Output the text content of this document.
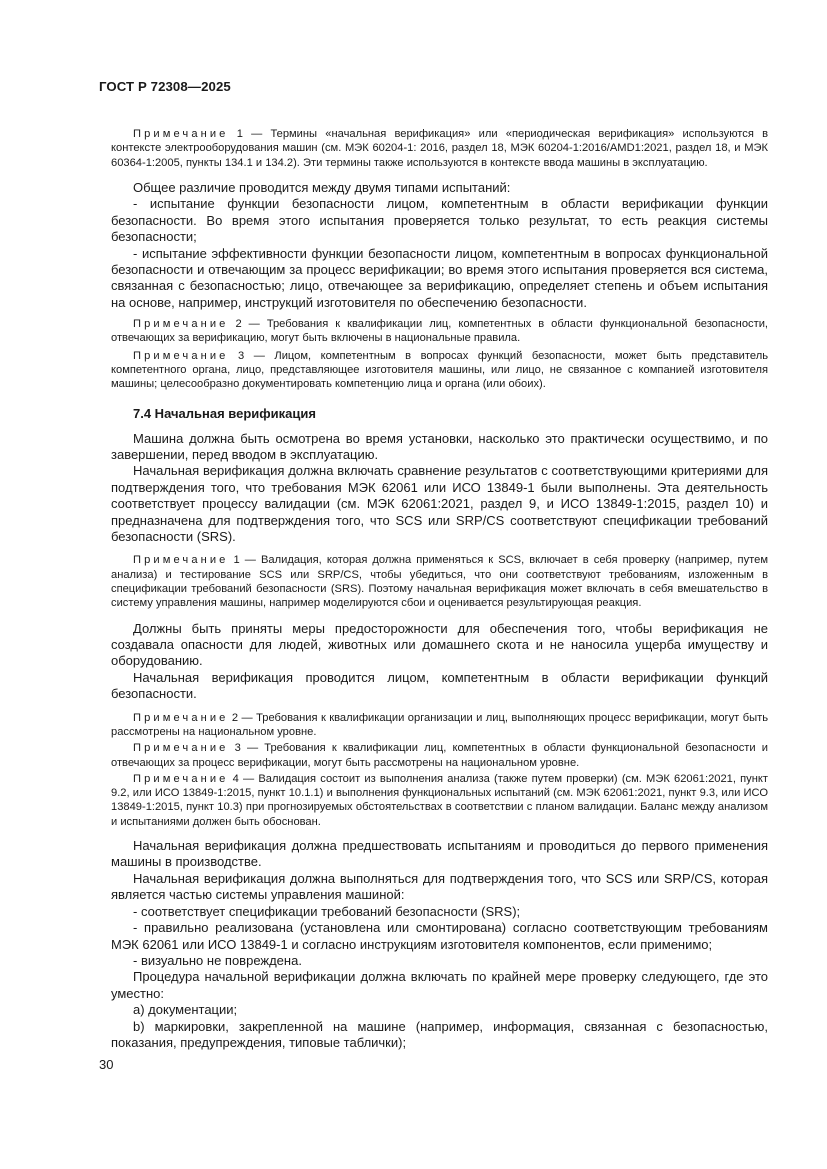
ГОСТ Р 72308—2025

Примечание 1 — Термины «начальная верификация» или «периодическая верификация» используются в контексте электрооборудования машин (см. МЭК 60204-1: 2016, раздел 18, МЭК 60204-1:2016/AMD1:2021, раздел 18, и МЭК 60364-1:2005, пункты 134.1 и 134.2). Эти термины также используются в контексте ввода машины в эксплуатацию.

Общее различие проводится между двумя типами испытаний:

- испытание функции безопасности лицом, компетентным в области верификации функции безопасности. Во время этого испытания проверяется только результат, то есть реакция системы безопасности;

- испытание эффективности функции безопасности лицом, компетентным в вопросах функциональной безопасности и отвечающим за процесс верификации; во время этого испытания проверяется вся система, связанная с безопасностью; лицо, отвечающее за верификацию, определяет степень и объем испытания на основе, например, инструкций изготовителя по обеспечению безопасности.

Примечание 2 — Требования к квалификации лиц, компетентных в области функциональной безопасности, отвечающих за верификацию, могут быть включены в национальные правила.

Примечание 3 — Лицом, компетентным в вопросах функций безопасности, может быть представитель компетентного органа, лицо, представляющее изготовителя машины, или лицо, не связанное с компанией изготовителя машины; целесообразно документировать компетенцию лица и органа (или обоих).

7.4 Начальная верификация

Машина должна быть осмотрена во время установки, насколько это практически осуществимо, и по завершении, перед вводом в эксплуатацию.

Начальная верификация должна включать сравнение результатов с соответствующими критериями для подтверждения того, что требования МЭК 62061 или ИСО 13849-1 были выполнены. Эта деятельность соответствует процессу валидации (см. МЭК 62061:2021, раздел 9, и ИСО 13849-1:2015, раздел 10) и предназначена для подтверждения того, что SCS или SRP/CS соответствуют спецификации требований безопасности (SRS).

Примечание 1 — Валидация, которая должна применяться к SCS, включает в себя проверку (например, путем анализа) и тестирование SCS или SRP/CS, чтобы убедиться, что они соответствуют требованиям, изложенным в спецификации требований безопасности (SRS). Поэтому начальная верификация может включать в себя вмешательство в систему управления машины, например моделируются сбои и оценивается результирующая реакция.

Должны быть приняты меры предосторожности для обеспечения того, чтобы верификация не создавала опасности для людей, животных или домашнего скота и не наносила ущерба имуществу и оборудованию.

Начальная верификация проводится лицом, компетентным в области верификации функций безопасности.

Примечание 2 — Требования к квалификации организации и лиц, выполняющих процесс верификации, могут быть рассмотрены на национальном уровне.

Примечание 3 — Требования к квалификации лиц, компетентных в области функциональной безопасности и отвечающих за процесс верификации, могут быть рассмотрены на национальном уровне.

Примечание 4 — Валидация состоит из выполнения анализа (также путем проверки) (см. МЭК 62061:2021, пункт 9.2, или ИСО 13849-1:2015, пункт 10.1.1) и выполнения функциональных испытаний (см. МЭК 62061:2021, пункт 9.3, или ИСО 13849-1:2015, пункт 10.3) при прогнозируемых обстоятельствах в соответствии с планом валидации. Баланс между анализом и испытаниями должен быть обоснован.

Начальная верификация должна предшествовать испытаниям и проводиться до первого применения машины в производстве.

Начальная верификация должна выполняться для подтверждения того, что SCS или SRP/CS, которая является частью системы управления машиной:

- соответствует спецификации требований безопасности (SRS);

- правильно реализована (установлена или смонтирована) согласно соответствующим требованиям МЭК 62061 или ИСО 13849-1 и согласно инструкциям изготовителя компонентов, если применимо;

- визуально не повреждена.

Процедура начальной верификации должна включать по крайней мере проверку следующего, где это уместно:

a) документации;

b) маркировки, закрепленной на машине (например, информация, связанная с безопасностью, показания, предупреждения, типовые таблички);

30
